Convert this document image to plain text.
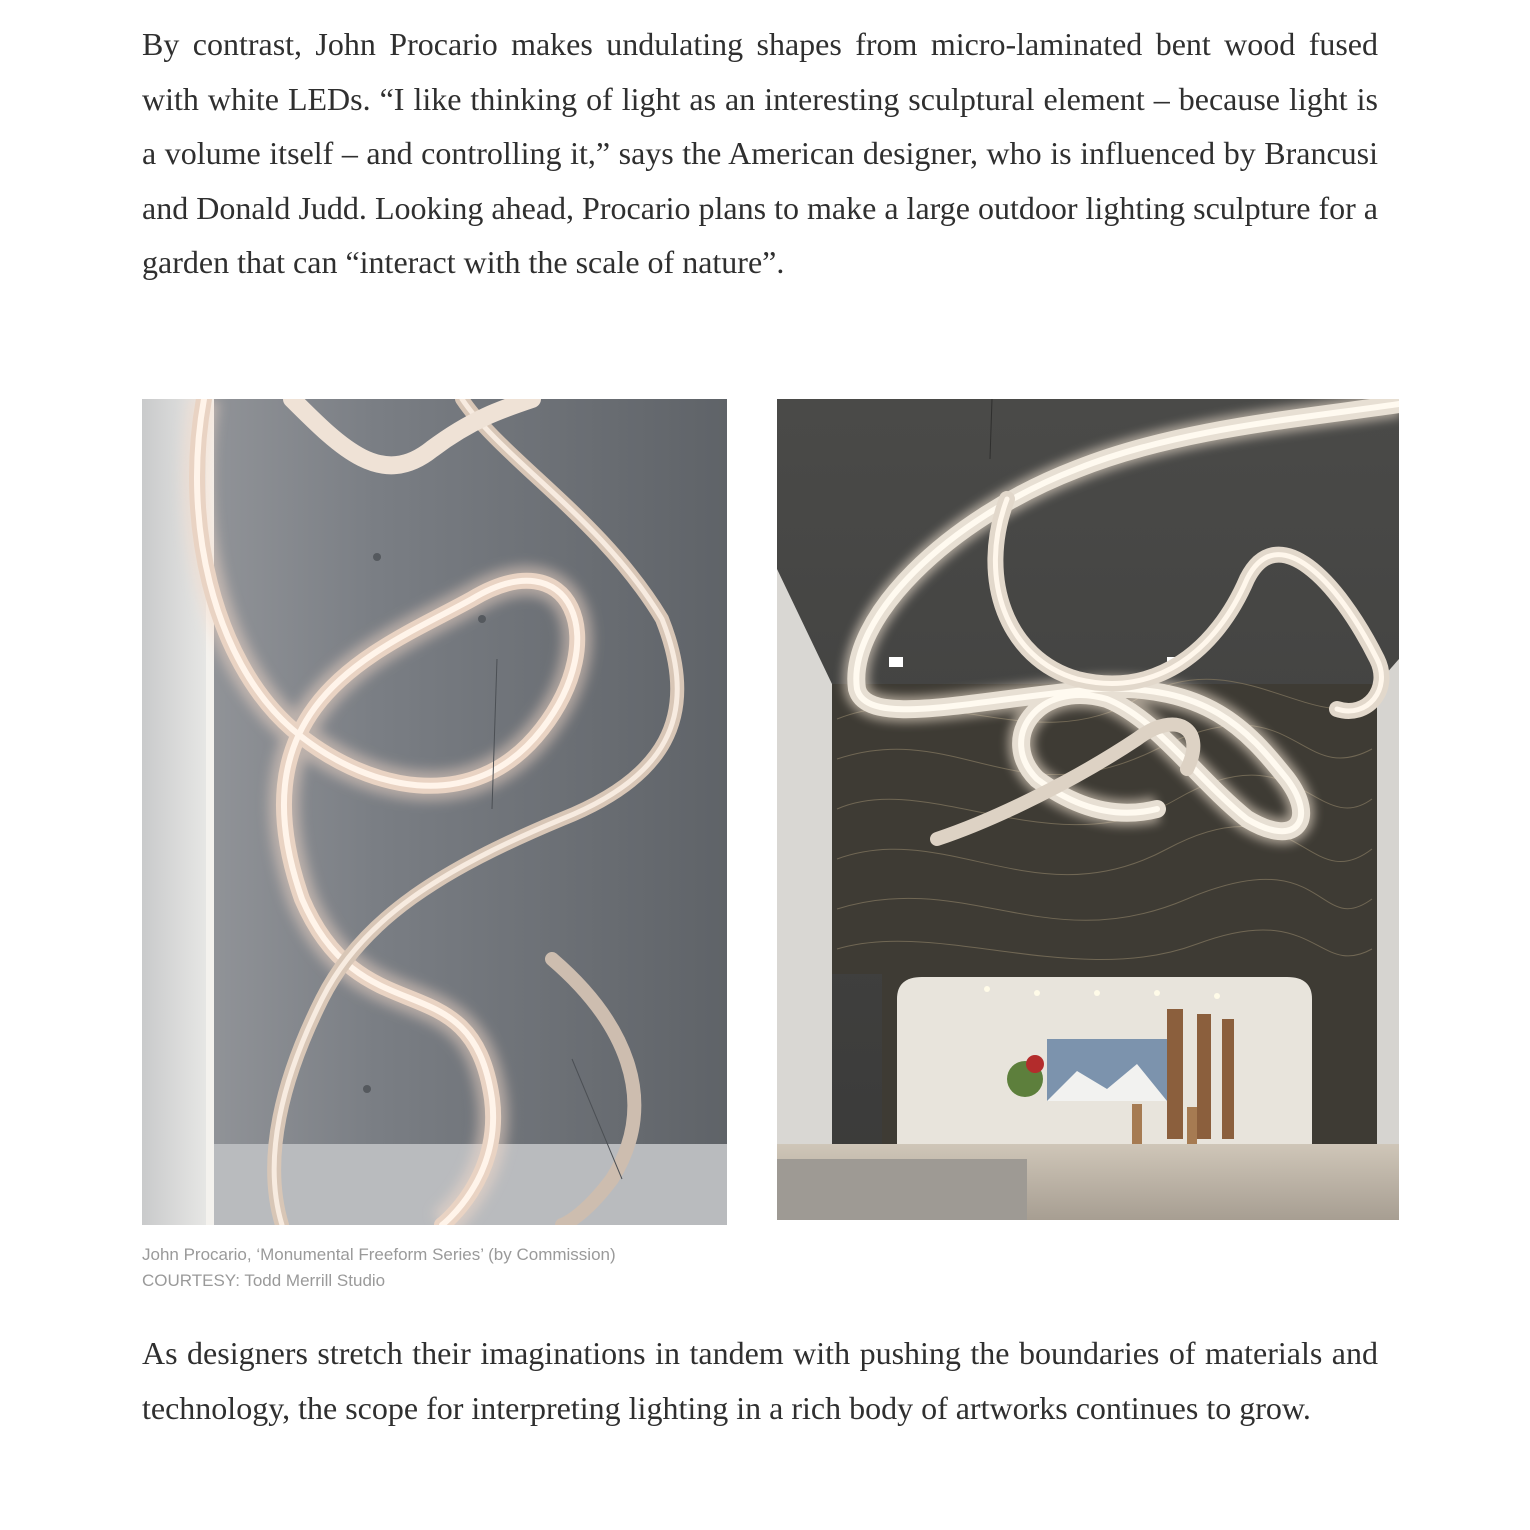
By contrast, John Procario makes undulating shapes from micro-laminated bent wood fused with white LEDs. “I like thinking of light as an interesting sculptural element – because light is a volume itself – and controlling it,” says the American designer, who is influenced by Brancusi and Donald Judd. Looking ahead, Procario plans to make a large outdoor lighting sculpture for a garden that can “interact with the scale of nature”.

John Procario, ‘Monumental Freeform Series’ (by Commission)
COURTESY: Todd Merrill Studio

As designers stretch their imaginations in tandem with pushing the boundaries of materials and technology, the scope for interpreting lighting in a rich body of artworks continues to grow.
